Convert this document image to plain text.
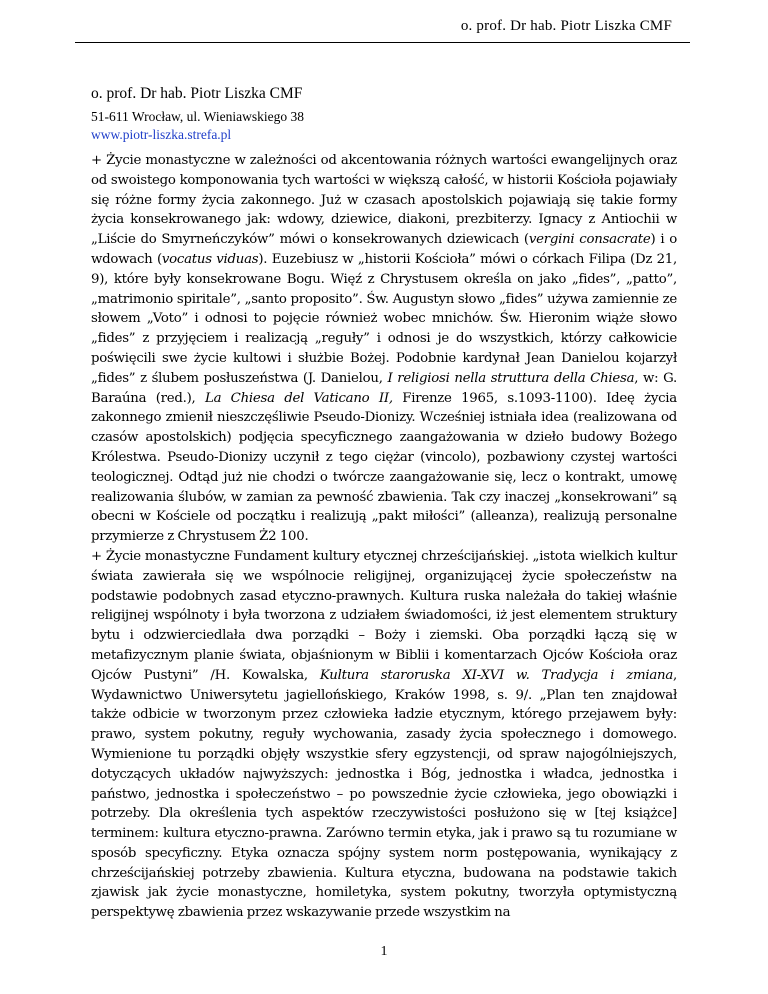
o. prof. Dr hab. Piotr Liszka CMF
o. prof. Dr hab. Piotr Liszka CMF
51-611 Wrocław, ul. Wieniawskiego 38
www.piotr-liszka.strefa.pl

+ Życie monastyczne w zależności od akcentowania różnych wartości ewangelijnych oraz od swoistego komponowania tych wartości w większą całość, w historii Kościoła pojawiały się różne formy życia zakonnego. Już w czasach apostolskich pojawiają się takie formy życia konsekrowanego jak: wdowy, dziewice, diakoni, prezbiterzy. Ignacy z Antiochii w „Liście do Smyrneńczyków” mówi o konsekrowanych dziewicach (vergini consacrate) i o wdowach (vocatus viduas). Euzebiusz w „historii Kościoła” mówi o córkach Filipa (Dz 21, 9), które były konsekrowane Bogu. Więź z Chrystusem określa on jako „fides”, „patto”, „matrimonio spiritale”, „santo proposito”. Św. Augustyn słowo „fides” używa zamiennie ze słowem „Voto” i odnosi to pojęcie również wobec mnichów. Św. Hieronim wiąże słowo „fides” z przyjęciem i realizacją „reguły” i odnosi je do wszystkich, którzy całkowicie poświęcili swe życie kultowi i służbie Bożej. Podobnie kardynał Jean Danielou kojarzył „fides” z ślubem posłuszeństwa (J. Danielou, I religiosi nella struttura della Chiesa, w: G. Baraúna (red.), La Chiesa del Vaticano II, Firenze 1965, s.1093-1100). Ideę życia zakonnego zmienił nieszczęśliwie Pseudo-Dionizy. Wcześniej istniała idea (realizowana od czasów apostolskich) podjęcia specyficznego zaangażowania w dzieło budowy Bożego Królestwa. Pseudo-Dionizy uczynił z tego ciężar (vincolo), pozbawiony czystej wartości teologicznej. Odtąd już nie chodzi o twórcze zaangażowanie się, lecz o kontrakt, umowę realizowania ślubów, w zamian za pewność zbawienia. Tak czy inaczej „konsekrowani” są obecni w Kościele od początku i realizują „pakt miłości” (alleanza), realizują personalne przymierze z Chrystusem Ż2 100.

+ Życie monastyczne Fundament kultury etycznej chrześcijańskiej. „istota wielkich kultur świata zawierała się we wspólnocie religijnej, organizującej życie społeczeństw na podstawie podobnych zasad etyczno-prawnych. Kultura ruska należała do takiej właśnie religijnej wspólnoty i była tworzona z udziałem świadomości, iż jest elementem struktury bytu i odzwierciedlała dwa porządki – Boży i ziemski. Oba porządki łączą się w metafizycznym planie świata, objaśnionym w Biblii i komentarzach Ojców Kościoła oraz Ojców Pustyni” /H. Kowalska, Kultura staroruska XI-XVI w. Tradycja i zmiana, Wydawnictwo Uniwersytetu jagiellońskiego, Kraków 1998, s. 9/. „Plan ten znajdował także odbicie w tworzonym przez człowieka ładzie etycznym, którego przejawem były: prawo, system pokutny, reguły wychowania, zasady życia społecznego i domowego. Wymienione tu porządki objęły wszystkie sfery egzystencji, od spraw najogólniejszych, dotyczących układów najwyższych: jednostka i Bóg, jednostka i władca, jednostka i państwo, jednostka i społeczeństwo – po powszednie życie człowieka, jego obowiązki i potrzeby. Dla określenia tych aspektów rzeczywistości posłużono się w [tej książce] terminem: kultura etyczno-prawna. Zarówno termin etyka, jak i prawo są tu rozumiane w sposób specyficzny. Etyka oznacza spójny system norm postępowania, wynikający z chrześcijańskiej potrzeby zbawienia. Kultura etyczna, budowana na podstawie takich zjawisk jak życie monastyczne, homiletyka, system pokutny, tworzyła optymistyczną perspektywę zbawienia przez wskazywanie przede wszystkim na

1
